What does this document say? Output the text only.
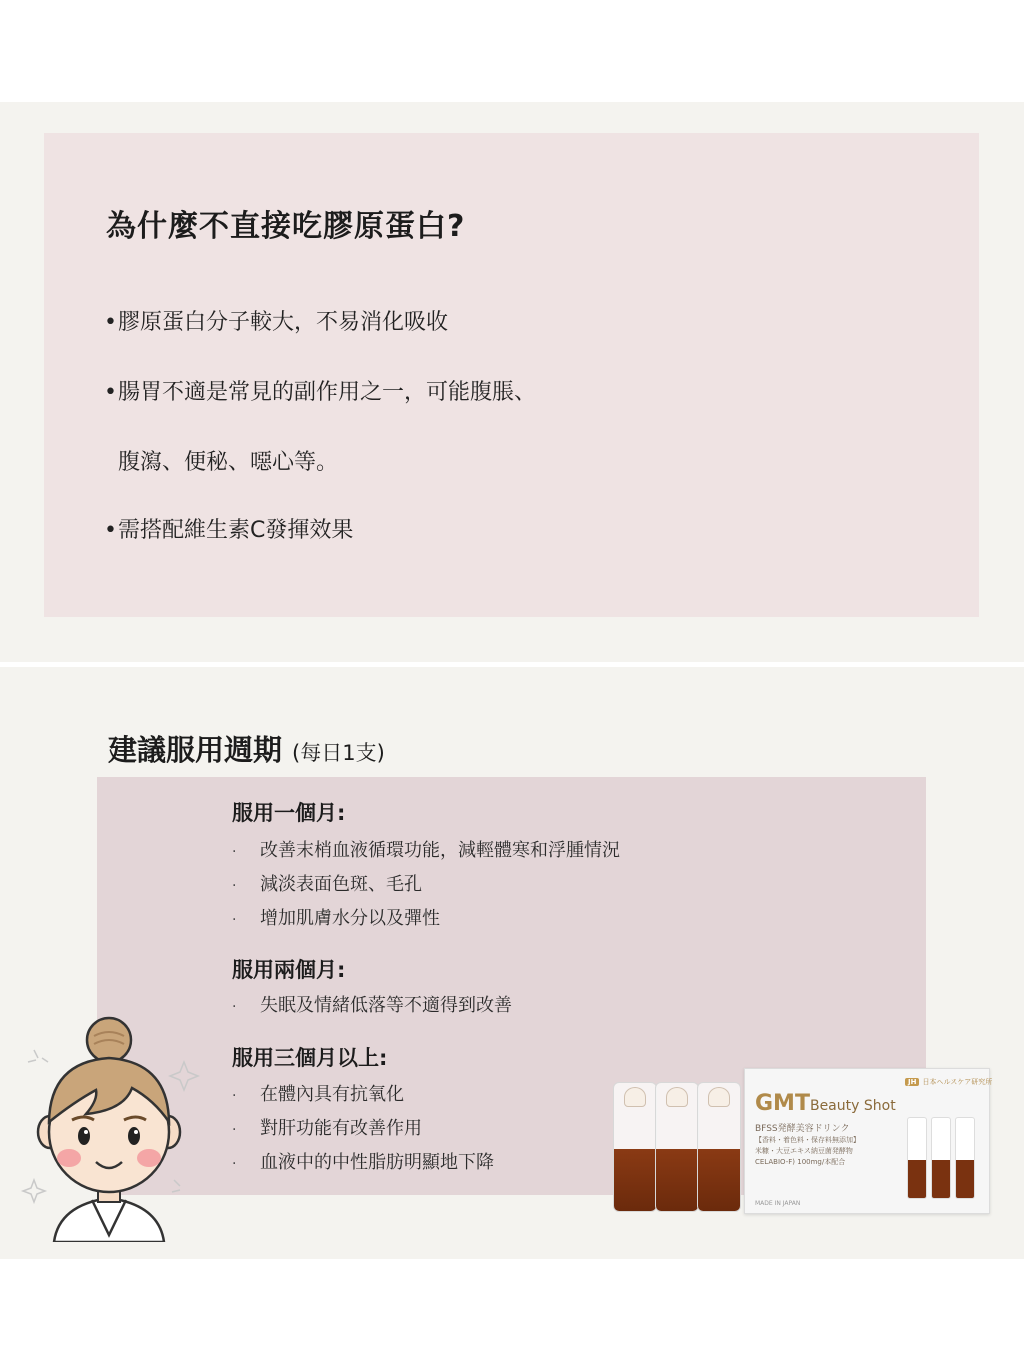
為什麼不直接吃膠原蛋白?
•膠原蛋白分子較大，不易消化吸收
•腸胃不適是常見的副作用之一，可能腹脹、
腹瀉、便秘、噁心等。
•需搭配維生素C發揮效果
建議服用週期 (每日1支)
服用一個月:
· 改善末梢血液循環功能，減輕體寒和浮腫情況
· 減淡表面色斑、毛孔
· 增加肌膚水分以及彈性
服用兩個月:
· 失眠及情緒低落等不適得到改善
服用三個月以上:
· 在體內具有抗氧化
· 對肝功能有改善作用
· 血液中的中性脂肪明顯地下降
JH 日本ヘルスケア研究所
GMTBeauty Shot
BFSS発酵美容ドリンク
【香料・着色料・保存料無添加】
米糠・大豆エキス納豆菌発酵物
CELABIO-F) 100mg/本配合
MADE IN JAPAN
